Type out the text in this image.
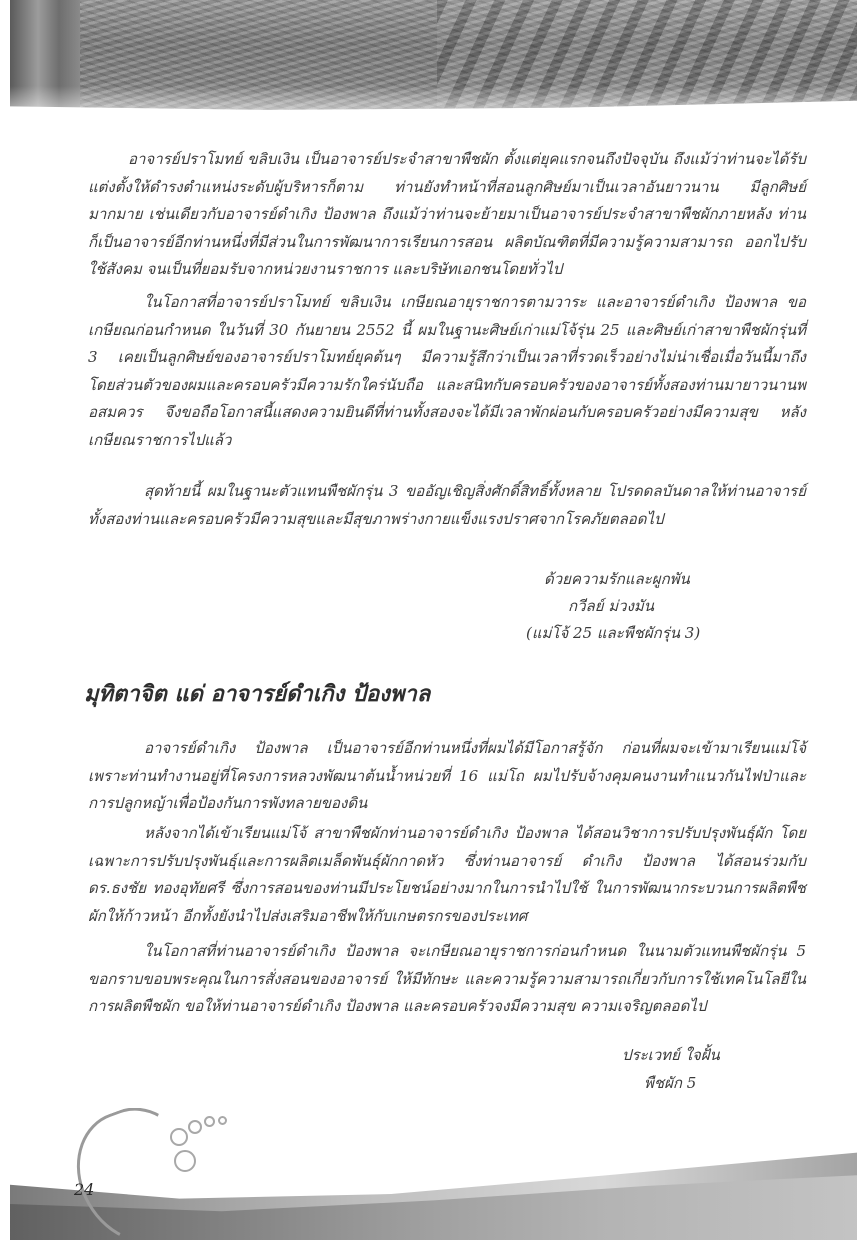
อาจารย์ปราโมทย์ ขลิบเงิน เป็นอาจารย์ประจำสาขาพืชผัก ตั้งแต่ยุคแรกจนถึงปัจจุบัน ถึงแม้ว่าท่านจะได้รับแต่งตั้งให้ดำรงตำแหน่งระดับผู้บริหารก็ตาม ท่านยังทำหน้าที่สอนลูกศิษย์มาเป็นเวลาอันยาวนาน มีลูกศิษย์มากมาย เช่นเดียวกับอาจารย์ดำเกิง ป้องพาล ถึงแม้ว่าท่านจะย้ายมาเป็นอาจารย์ประจำสาขาพืชผักภายหลัง ท่านก็เป็นอาจารย์อีกท่านหนึ่งที่มีส่วนในการพัฒนาการเรียนการสอน ผลิตบัณฑิตที่มีความรู้ความสามารถ ออกไปรับใช้สังคม จนเป็นที่ยอมรับจากหน่วยงานราชการ และบริษัทเอกชนโดยทั่วไป

ในโอกาสที่อาจารย์ปราโมทย์ ขลิบเงิน เกษียณอายุราชการตามวาระ และอาจารย์ดำเกิง ป้องพาล ขอเกษียณก่อนกำหนด ในวันที่ 30 กันยายน 2552 นี้ ผมในฐานะศิษย์เก่าแม่โจ้รุ่น 25 และศิษย์เก่าสาขาพืชผักรุ่นที่ 3 เคยเป็นลูกศิษย์ของอาจารย์ปราโมทย์ยุคต้นๆ มีความรู้สึกว่าเป็นเวลาที่รวดเร็วอย่างไม่น่าเชื่อเมื่อวันนี้มาถึง โดยส่วนตัวของผมและครอบครัวมีความรักใคร่นับถือ และสนิทกับครอบครัวของอาจารย์ทั้งสองท่านมายาวนานพอสมควร จึงขอถือโอกาสนี้แสดงความยินดีที่ท่านทั้งสองจะได้มีเวลาพักผ่อนกับครอบครัวอย่างมีความสุข หลังเกษียณราชการไปแล้ว

สุดท้ายนี้ ผมในฐานะตัวแทนพืชผักรุ่น 3 ขออัญเชิญสิ่งศักดิ์สิทธิ์ทั้งหลาย โปรดดลบันดาลให้ท่านอาจารย์ทั้งสองท่านและครอบครัวมีความสุขและมีสุขภาพร่างกายแข็งแรงปราศจากโรคภัยตลอดไป

ด้วยความรักและผูกพัน
กวีลย์ ม่วงมัน
(แม่โจ้ 25 และพืชผักรุ่น 3)
มุทิตาจิต แด่ อาจารย์ดำเกิง ป้องพาล

อาจารย์ดำเกิง ป้องพาล เป็นอาจารย์อีกท่านหนึ่งที่ผมได้มีโอกาสรู้จัก ก่อนที่ผมจะเข้ามาเรียนแม่โจ้ เพราะท่านทำงานอยู่ที่โครงการหลวงพัฒนาต้นน้ำหน่วยที่ 16 แม่โถ ผมไปรับจ้างคุมคนงานทำแนวกันไฟป่าและการปลูกหญ้าเพื่อป้องกันการพังทลายของดิน

หลังจากได้เข้าเรียนแม่โจ้ สาขาพืชผักท่านอาจารย์ดำเกิง ป้องพาล ได้สอนวิชาการปรับปรุงพันธุ์ผัก โดยเฉพาะการปรับปรุงพันธุ์และการผลิตเมล็ดพันธุ์ผักกาดหัว ซึ่งท่านอาจารย์ ดำเกิง ป้องพาล ได้สอนร่วมกับ ดร.ธงชัย ทองอุทัยศรี ซึ่งการสอนของท่านมีประโยชน์อย่างมากในการนำไปใช้ ในการพัฒนากระบวนการผลิตพืชผักให้ก้าวหน้า อีกทั้งยังนำไปส่งเสริมอาชีพให้กับเกษตรกรของประเทศ

ในโอกาสที่ท่านอาจารย์ดำเกิง ป้องพาล จะเกษียณอายุราชการก่อนกำหนด ในนามตัวแทนพืชผักรุ่น 5 ขอกราบขอบพระคุณในการสั่งสอนของอาจารย์ ให้มีทักษะ และความรู้ความสามารถเกี่ยวกับการใช้เทคโนโลยีในการผลิตพืชผัก ขอให้ท่านอาจารย์ดำเกิง ป้องพาล และครอบครัวจงมีความสุข ความเจริญตลอดไป

ประเวทย์ ใจฝั้น
พืชผัก 5
24
